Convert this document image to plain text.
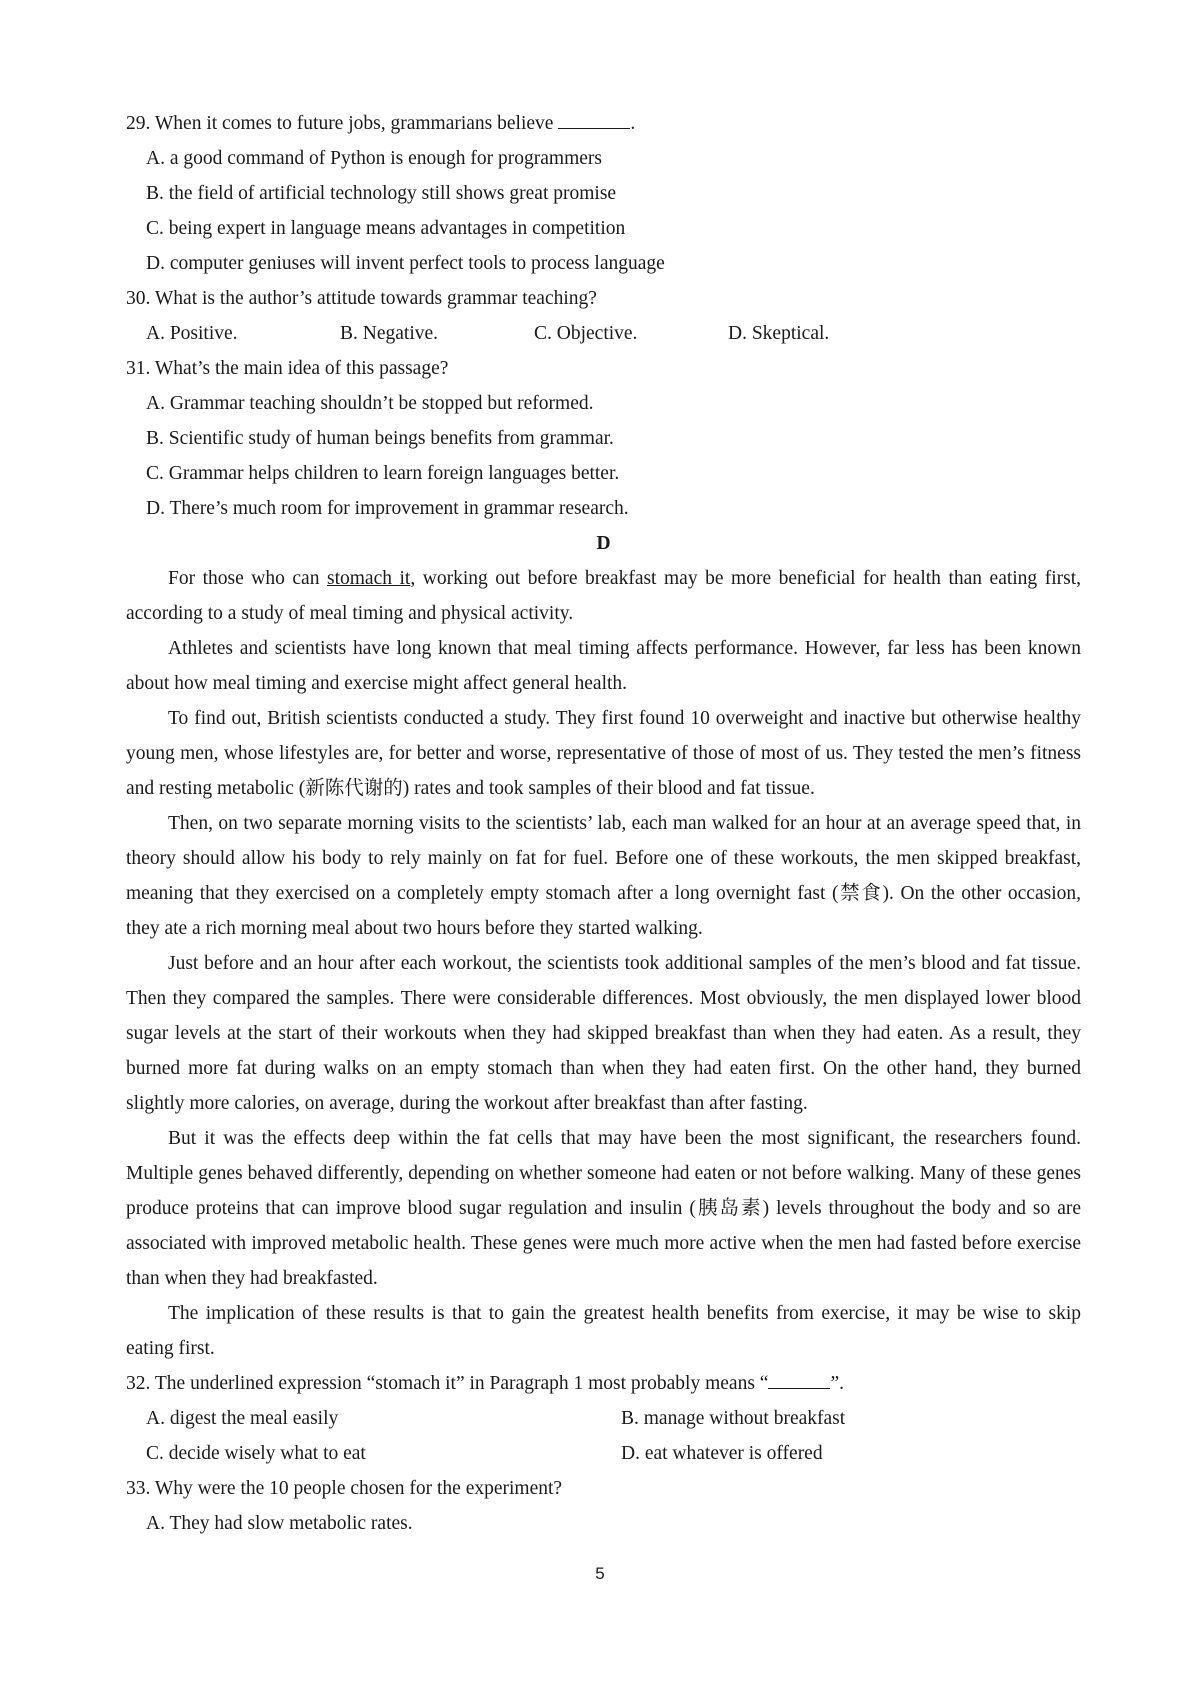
29. When it comes to future jobs, grammarians believe	.
A. a good command of Python is enough for programmers
B. the field of artificial technology still shows great promise
C. being expert in language means advantages in competition
D. computer geniuses will invent perfect tools to process language
30. What is the author’s attitude towards grammar teaching?
A. Positive.	B. Negative.	C. Objective.	D. Skeptical.
31. What’s the main idea of this passage?
A. Grammar teaching shouldn’t be stopped but reformed.
B. Scientific study of human beings benefits from grammar.
C. Grammar helps children to learn foreign languages better.
D. There’s much room for improvement in grammar research.
D
For those who can stomach it, working out before breakfast may be more beneficial for health than eating first, according to a study of meal timing and physical activity.
Athletes and scientists have long known that meal timing affects performance. However, far less has been known about how meal timing and exercise might affect general health.
To find out, British scientists conducted a study. They first found 10 overweight and inactive but otherwise healthy young men, whose lifestyles are, for better and worse, representative of those of most of us. They tested the men’s fitness and resting metabolic (新陈代谢的) rates and took samples of their blood and fat tissue.
Then, on two separate morning visits to the scientists’ lab, each man walked for an hour at an average speed that, in theory should allow his body to rely mainly on fat for fuel. Before one of these workouts, the men skipped breakfast, meaning that they exercised on a completely empty stomach after a long overnight fast (禁食). On the other occasion, they ate a rich morning meal about two hours before they started walking.
Just before and an hour after each workout, the scientists took additional samples of the men’s blood and fat tissue. Then they compared the samples. There were considerable differences. Most obviously, the men displayed lower blood sugar levels at the start of their workouts when they had skipped breakfast than when they had eaten. As a result, they burned more fat during walks on an empty stomach than when they had eaten first. On the other hand, they burned slightly more calories, on average, during the workout after breakfast than after fasting.
But it was the effects deep within the fat cells that may have been the most significant, the researchers found. Multiple genes behaved differently, depending on whether someone had eaten or not before walking. Many of these genes produce proteins that can improve blood sugar regulation and insulin (胰岛素) levels throughout the body and so are associated with improved metabolic health. These genes were much more active when the men had fasted before exercise than when they had breakfasted.
The implication of these results is that to gain the greatest health benefits from exercise, it may be wise to skip eating first.
32. The underlined expression “stomach it” in Paragraph 1 most probably means “	”.
A. digest the meal easily	B. manage without breakfast
C. decide wisely what to eat	D. eat whatever is offered
33. Why were the 10 people chosen for the experiment?
A. They had slow metabolic rates.
5
